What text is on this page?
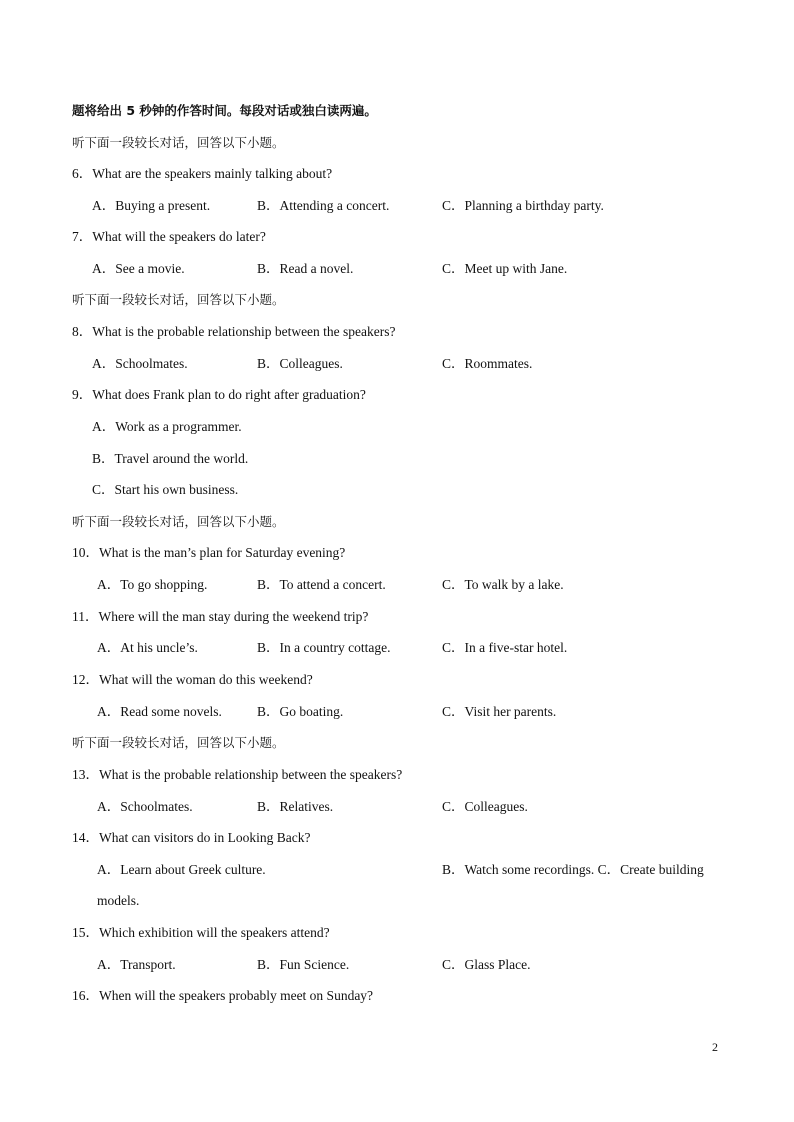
题将给出 5 秒钟的作答时间。每段对话或独白读两遍。
听下面一段较长对话，回答以下小题。
6．What are the speakers mainly talking about?
A．Buying a present.	B．Attending a concert.	C．Planning a birthday party.
7．What will the speakers do later?
A．See a movie.	B．Read a novel.	C．Meet up with Jane.
听下面一段较长对话，回答以下小题。
8．What is the probable relationship between the speakers?
A．Schoolmates.	B．Colleagues.	C．Roommates.
9．What does Frank plan to do right after graduation?
A．Work as a programmer.
B．Travel around the world.
C．Start his own business.
听下面一段较长对话，回答以下小题。
10．What is the man’s plan for Saturday evening?
A．To go shopping.	B．To attend a concert.	C．To walk by a lake.
11．Where will the man stay during the weekend trip?
A．At his uncle’s.	B．In a country cottage.	C．In a five-star hotel.
12．What will the woman do this weekend?
A．Read some novels.	B．Go boating.	C．Visit her parents.
听下面一段较长对话，回答以下小题。
13．What is the probable relationship between the speakers?
A．Schoolmates.	B．Relatives.	C．Colleagues.
14．What can visitors do in Looking Back?
A．Learn about Greek culture.	B．Watch some recordings. C．Create building
models.
15．Which exhibition will the speakers attend?
A．Transport.	B．Fun Science.	C．Glass Place.
16．When will the speakers probably meet on Sunday?
2
